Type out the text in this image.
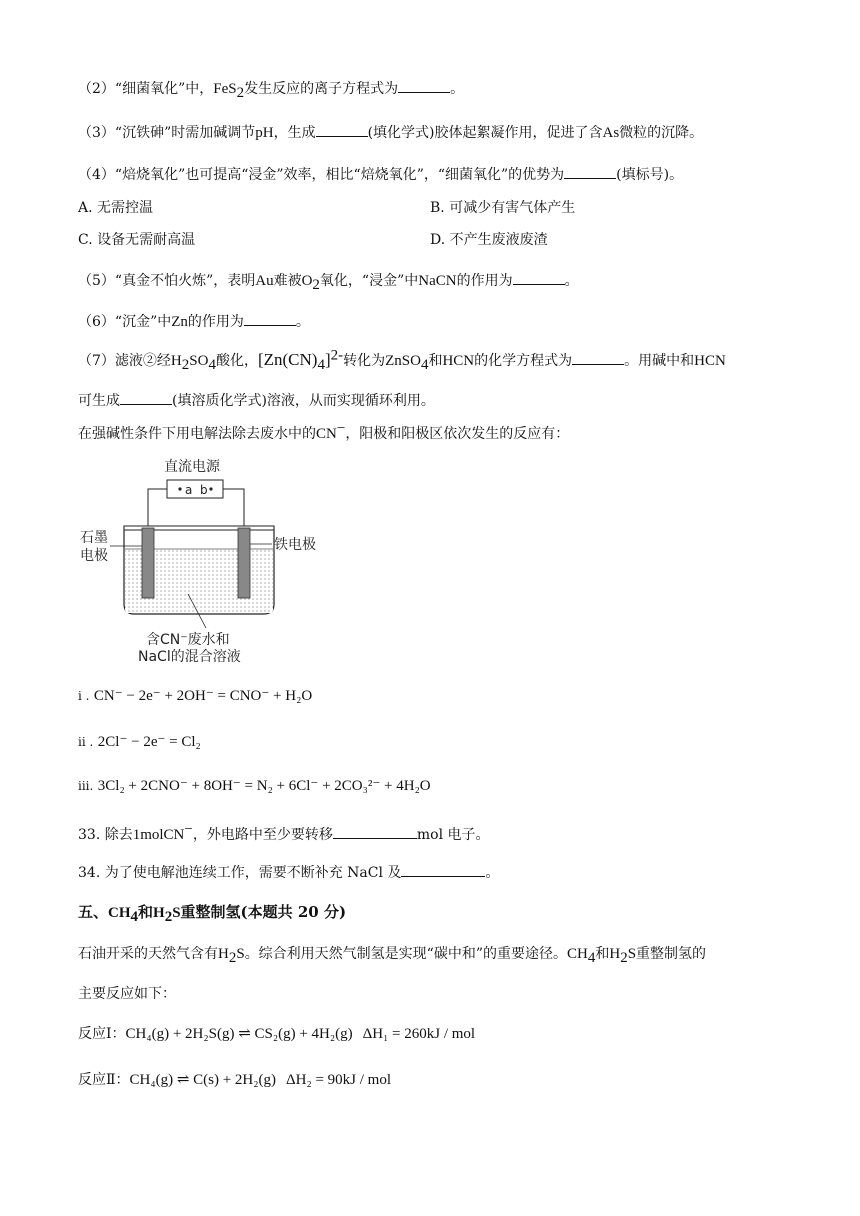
（2）“细菌氧化”中，FeS$_2$发生反应的离子方程式为	。
（3）“沉铁砷”时需加碱调节pH，生成	(填化学式)胶体起絮凝作用，促进了含As微粒的沉降。
（4）“焙烧氧化”也可提高“浸金”效率，相比“焙烧氧化”，“细菌氧化”的优势为	(填标号)。
A. 无需控温	B. 可减少有害气体产生
C. 设备无需耐高温	D. 不产生废液废渣
（5）“真金不怕火炼”，表明Au难被$O_2$氧化，“浸金”中NaCN的作用为	。
（6）“沉金”中Zn的作用为	。
（7）滤液②经$H_2SO_4$酸化，$[Zn(CN)_4]^{2-}$转化为ZnSO$_4$和HCN的化学方程式为	。用碱中和HCN
可生成	(填溶质化学式)溶液，从而实现循环利用。
在强碱性条件下用电解法除去废水中的CN−，阳极和阳极区依次发生的反应有：
直流电源
a b
石墨
电极
铁电极
含CN⁻废水和
NaCl的混合溶液
i . CN⁻ − 2e⁻ + 2OH⁻ = CNO⁻ + H₂O
ii . 2Cl⁻ − 2e⁻ = Cl₂
iii. 3Cl₂ + 2CNO⁻ + 8OH⁻ = N₂ + 6Cl⁻ + 2CO₃²⁻ + 4H₂O
33. 除去1molCN−，外电路中至少要转移	mol 电子。
34. 为了使电解池连续工作，需要不断补充 NaCl 及	。
五、$CH_4$和$H_2S$重整制氢(本题共 20 分)
石油开采的天然气含有$H_2S$。综合利用天然气制氢是实现“碳中和”的重要途径。$CH_4$和$H_2S$重整制氢的
主要反应如下：
反应Ⅰ：CH₄(g) + 2H₂S(g) ⇌ CS₂(g) + 4H₂(g) ΔH₁ = 260kJ / mol
反应Ⅱ：CH₄(g) ⇌ C(s) + 2H₂(g) ΔH₂ = 90kJ / mol
